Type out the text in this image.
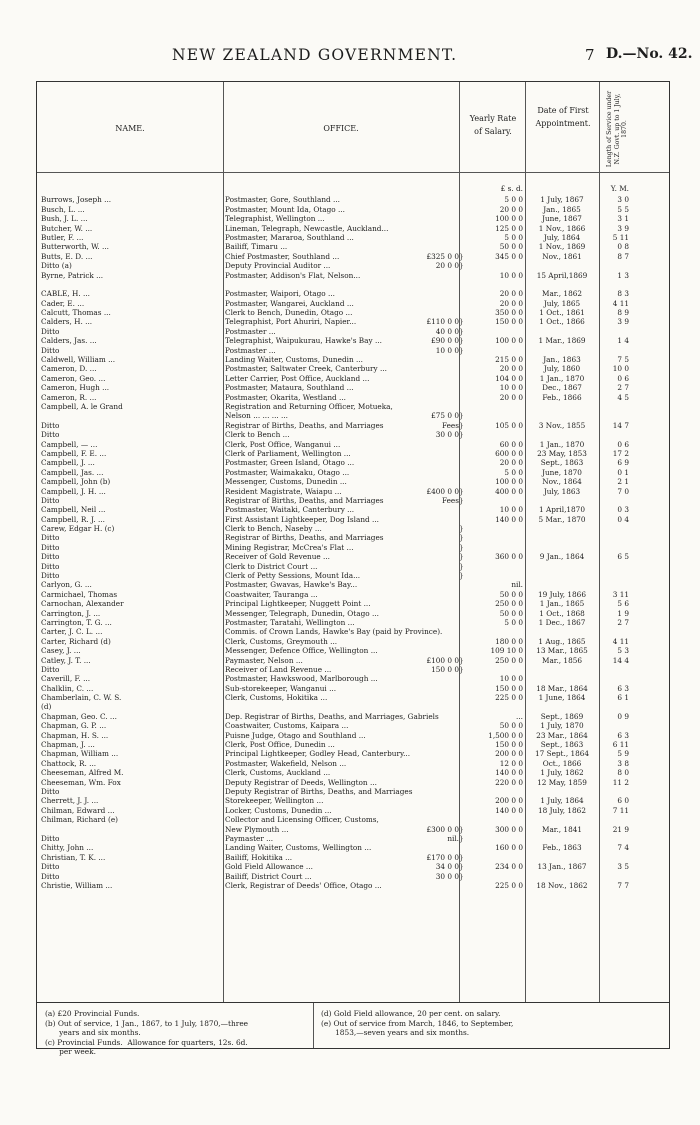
NEW ZEALAND GOVERNMENT.	7 D.—No. 42.
NAME.	OFFICE.
Yearly Rate of Salary.
Date of First Appointment.	Length of Service under N.Z. Govt. up to 1 July, 1870.
£ s. d.	Y. M.
Burrows, Joseph ...	Postmaster, Gore, Southland ...	5 0 0	1 July, 1867	3 0
Busch, L. ...	Postmaster, Mount Ida, Otago ...	20 0 0	Jan., 1865	5 5
Bush, J. L. ...	Telegraphist, Wellington ...	100 0 0	June, 1867	3 1
Butcher, W. ...	Lineman, Telegraph, Newcastle, Auckland...	125 0 0	1 Nov., 1866	3 9
Butler, F. ...	Postmaster, Mararoa, Southland ...	5 0 0	July, 1864	5 11
Butterworth, W. ...	Bailiff, Timaru ...	50 0 0	1 Nov., 1869	0 8
Butts, E. D. ...	Chief Postmaster, Southland ...	£325 0 0 }	345 0 0	Nov., 1861	8 7
Ditto (a)	Deputy Provincial Auditor ...	20 0 0 }
Byrne, Patrick ...	Postmaster, Addison's Flat, Nelson...	10 0 0	15 April,1869	1 3
CABLE, H. ...	Postmaster, Waipori, Otago ...	20 0 0	Mar., 1862	8 3
Cader, E. ...	Postmaster, Wangarei, Auckland ...	20 0 0	July, 1865	4 11
Calcutt, Thomas ...	Clerk to Bench, Dunedin, Otago ...	350 0 0	1 Oct., 1861	8 9
Calders, H. ...	Telegraphist, Port Ahuriri, Napier...	£110 0 0 }	150 0 0	1 Oct., 1866	3 9
Ditto	Postmaster ...	40 0 0 }
Calders, Jas. ...	Telegraphist, Waipukurau, Hawke's Bay ...	£90 0 0 }	100 0 0	1 Mar., 1869	1 4
Ditto	Postmaster ...	10 0 0 }
Caldwell, William ...	Landing Waiter, Customs, Dunedin ...	215 0 0	Jan., 1863	7 5
Cameron, D. ...	Postmaster, Saltwater Creek, Canterbury ...	20 0 0	July, 1860	10 0
Cameron, Geo. ...	Letter Carrier, Post Office, Auckland ...	104 0 0	1 Jan., 1870	0 6
Cameron, Hugh ...	Postmaster, Mataura, Southland ...	10 0 0	Dec., 1867	2 7
Cameron, R. ...	Postmaster, Okarita, Westland ...	20 0 0	Feb., 1866	4 5
Campbell, A. le Grand	Registration and Returning Officer, Motueka,
Nelson ... ... ... ...	£75 0 0 }
Ditto	Registrar of Births, Deaths, and Marriages	Fees }	105 0 0	3 Nov., 1855	14 7
Ditto	Clerk to Bench ...	30 0 0 }
Campbell, — ...	Clerk, Post Office, Wanganui ...	60 0 0	1 Jan., 1870	0 6
Campbell, F. E. ...	Clerk of Parliament, Wellington ...	600 0 0	23 May, 1853	17 2
Campbell, J. ...	Postmaster, Green Island, Otago ...	20 0 0	Sept., 1863	6 9
Campbell, Jas. ...	Postmaster, Waimakaku, Otago ...	5 0 0	June, 1870	0 1
Campbell, John (b)	Messenger, Customs, Dunedin ...	100 0 0	Nov., 1864	2 1
Campbell, J. H. ...	Resident Magistrate, Waiapu ...	£400 0 0 }	400 0 0	July, 1863	7 0
Ditto	Registrar of Births, Deaths, and Marriages	Fees }
Campbell, Neil ...	Postmaster, Waitaki, Canterbury ...	10 0 0	1 April,1870	0 3
Campbell, R. J. ...	First Assistant Lightkeeper, Dog Island ...	140 0 0	5 Mar., 1870	0 4
Carew, Edgar H. (c)	Clerk to Bench, Naseby ...	}
Ditto	Registrar of Births, Deaths, and Marriages	}
Ditto	Mining Registrar, McCrea's Flat ...	}
Ditto	Receiver of Gold Revenue ...	}	360 0 0	9 Jan., 1864	6 5
Ditto	Clerk to District Court ...	}
Ditto	Clerk of Petty Sessions, Mount Ida...	}
Carlyon, G. ...	Postmaster, Gwavas, Hawke's Bay...	nil.
Carmichael, Thomas	Coastwaiter, Tauranga ...	50 0 0	19 July, 1866	3 11
Carnochan, Alexander	Principal Lightkeeper, Nuggett Point ...	250 0 0	1 Jan., 1865	5 6
Carrington, J. ...	Messenger, Telegraph, Dunedin, Otago ...	50 0 0	1 Oct., 1868	1 9
Carrington, T. G. ...	Postmaster, Taratahi, Wellington ...	5 0 0	1 Dec., 1867	2 7
Carter, J. C. L. ...	Commis. of Crown Lands, Hawke's Bay (paid by Province).
Carter, Richard (d)	Clerk, Customs, Greymouth ...	180 0 0	1 Aug., 1865	4 11
Casey, J. ...	Messenger, Defence Office, Wellington ...	109 10 0	13 Mar., 1865	5 3
Catley, J. T. ...	Paymaster, Nelson ...	£100 0 0 }	250 0 0	Mar., 1856	14 4
Ditto	Receiver of Land Revenue ...	150 0 0 }
Caverill, F. ...	Postmaster, Hawkswood, Marlborough ...	10 0 0
Chalklin, C. ...	Sub-storekeeper, Wanganui ...	150 0 0	18 Mar., 1864	6 3
Chamberlain, C. W. S.	Clerk, Customs, Hokitika ...	225 0 0	1 June, 1864	6 1
(d)
Chapman, Geo. C. ...	Dep. Registrar of Births, Deaths, and Marriages, Gabriels	...	Sept., 1869	0 9
Chapman, G. P. ...	Coastwaiter, Customs, Kaipara ...	50 0 0	1 July, 1870
Chapman, H. S. ...	Puisne Judge, Otago and Southland ...	1,500 0 0	23 Mar., 1864	6 3
Chapman, J. ...	Clerk, Post Office, Dunedin ...	150 0 0	Sept., 1863	6 11
Chapman, William ...	Principal Lightkeeper, Godley Head, Canterbury...	200 0 0	17 Sept., 1864	5 9
Chattock, R. ...	Postmaster, Wakefield, Nelson ...	12 0 0	Oct., 1866	3 8
Cheeseman, Alfred M.	Clerk, Customs, Auckland ...	140 0 0	1 July, 1862	8 0
Cheeseman, Wm. Fox	Deputy Registrar of Deeds, Wellington ...	220 0 0	12 May, 1859	11 2
Ditto	Deputy Registrar of Births, Deaths, and Marriages
Cherrett, J. J. ...	Storekeeper, Wellington ...	200 0 0	1 July, 1864	6 0
Chilman, Edward ...	Locker, Customs, Dunedin ...	140 0 0	18 July, 1862	7 11
Chilman, Richard (e)	Collector and Licensing Officer, Customs,
New Plymouth ...	£300 0 0 }	300 0 0	Mar., 1841	21 9
Ditto	Paymaster ...	nil. }
Chitty, John ...	Landing Waiter, Customs, Wellington ...	160 0 0	Feb., 1863	7 4
Christian, T. K. ...	Bailiff, Hokitika ...	£170 0 0 }
Ditto	Gold Field Allowance ...	34 0 0 }	234 0 0	13 Jan., 1867	3 5
Ditto	Bailiff, District Court ...	30 0 0 }
Christie, William ...	Clerk, Registrar of Deeds' Office, Otago ...	225 0 0	18 Nov., 1862	7 7
(a) £20 Provincial Funds.
(b) Out of service, 1 Jan., 1867, to 1 July, 1870,—three
years and six months.
(c) Provincial Funds.  Allowance for quarters, 12s. 6d.
per week.
(d) Gold Field allowance, 20 per cent. on salary.
(e) Out of service from March, 1846, to September,
1853,—seven years and six months.
